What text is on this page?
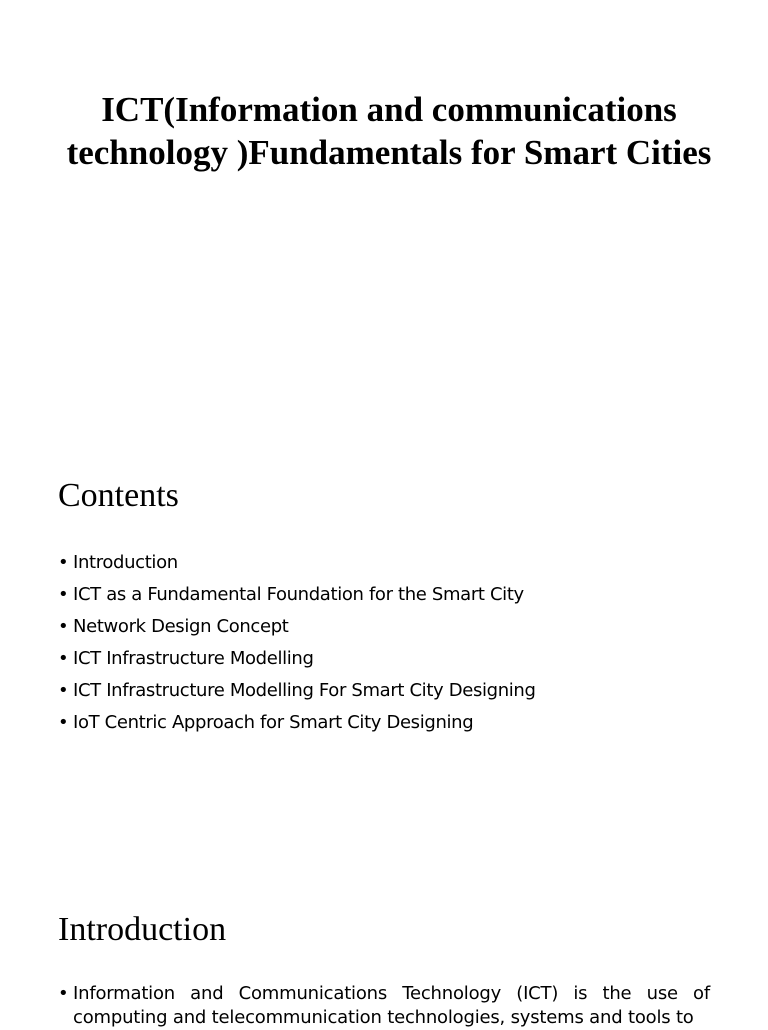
ICT(Information and communications technology )Fundamentals for Smart Cities
Contents
• Introduction
• ICT as a Fundamental Foundation for the Smart City
• Network Design Concept
• ICT Infrastructure Modelling
• ICT Infrastructure Modelling For Smart City Designing
• IoT Centric Approach for Smart City Designing
Introduction
• Information and Communications Technology (ICT) is the use of computing and telecommunication technologies, systems and tools to
